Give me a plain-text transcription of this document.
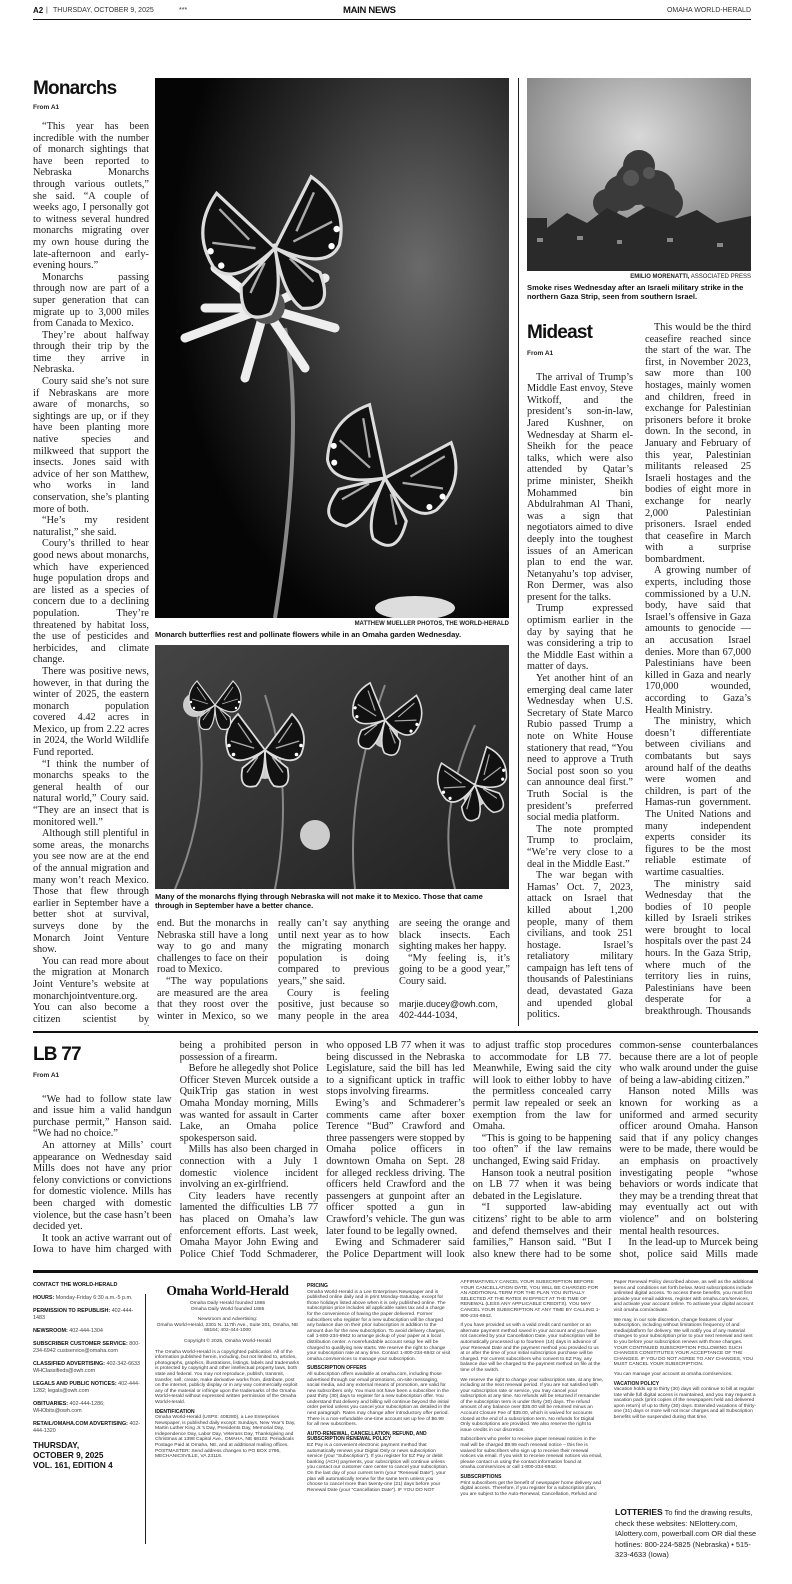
A2 | THURSDAY, OCTOBER 9, 2025	***	MAIN NEWS	OMAHA WORLD-HERALD
Monarchs
From A1

“This year has been incredible with the number of monarch sightings that have been reported to Nebraska Monarchs through various outlets,” she said. “A couple of weeks ago, I personally got to witness several hundred monarchs migrating over my own house during the late-afternoon and early-evening hours.”

Monarchs passing through now are part of a super generation that can migrate up to 3,000 miles from Canada to Mexico.

They’re about halfway through their trip by the time they arrive in Nebraska.

Coury said she’s not sure if Nebraskans are more aware of monarchs, so sightings are up, or if they have been planting more native species and milkweed that support the insects. Jones said with advice of her son Matthew, who works in land conservation, she’s planting more of both.

“He’s my resident naturalist,” she said.

Coury’s thrilled to hear good news about monarchs, which have experienced huge population drops and are listed as a species of concern due to a declining population. They’re threatened by habitat loss, the use of pesticides and herbicides, and climate change.

There was positive news, however, in that during the winter of 2025, the eastern monarch population covered 4.42 acres in Mexico, up from 2.22 acres in 2024, the World Wildlife Fund reported.

“I think the number of monarchs speaks to the general health of our natural world,” Coury said. “They are an insect that is monitored well.”

Although still plentiful in some areas, the monarchs you see now are at the end of the annual migration and many won’t reach Mexico. Those that flew through earlier in September have a better shot at survival, surveys done by the Monarch Joint Venture show.

You can read more about the migration at Monarch Joint Venture’s website at monarchjointventure.org. You can also become a citizen scientist by

MATTHEW MUELLER PHOTOS, THE WORLD-HERALD
Monarch butterflies rest and pollinate flowers while in an Omaha garden Wednesday.
Many of the monarchs flying through Nebraska will not make it to Mexico. Those that came through in September have a better chance.

end. But the monarchs in Nebraska still have a long way to go and many challenges to face on their road to Mexico.

“The way populations are measured are the area that they roost over the winter in Mexico, so we really can’t say anything until next year as to how the migrating monarch population is doing compared to previous years,” she said.

Coury is feeling positive, just because so many people in the area are seeing the orange and black insects. Each sighting makes her happy.

“My feeling is, it’s going to be a good year,” Coury said.

marjie.ducey@owh.com, 402-444-1034,

EMILIO MORENATTI, ASSOCIATED PRESS
Smoke rises Wednesday after an Israeli military strike in the northern Gaza Strip, seen from southern Israel.
Mideast
From A1

The arrival of Trump’s Middle East envoy, Steve Witkoff, and the president’s son-in-law, Jared Kushner, on Wednesday at Sharm el-Sheikh for the peace talks, which were also attended by Qatar’s prime minister, Sheikh Mohammed bin Abdulrahman Al Thani, was a sign that negotiators aimed to dive deeply into the toughest issues of an American plan to end the war. Netanyahu’s top adviser, Ron Dermer, was also present for the talks.

Trump expressed optimism earlier in the day by saying that he was considering a trip to the Middle East within a matter of days.

Yet another hint of an emerging deal came later Wednesday when U.S. Secretary of State Marco Rubio passed Trump a note on White House stationery that read, “You need to approve a Truth Social post soon so you can announce deal first.” Truth Social is the president’s preferred social media platform.

The note prompted Trump to proclaim, “We’re very close to a deal in the Middle East.”

The war began with Hamas’ Oct. 7, 2023, attack on Israel that killed about 1,200 people, many of them civilians, and took 251 hostage. Israel’s retaliatory military campaign has left tens of thousands of Palestinians dead, devastated Gaza and upended global politics.

This would be the third ceasefire reached since the start of the war. The first, in November 2023, saw more than 100 hostages, mainly women and children, freed in exchange for Palestinian prisoners before it broke down. In the second, in January and February of this year, Palestinian militants released 25 Israeli hostages and the bodies of eight more in exchange for nearly 2,000 Palestinian prisoners. Israel ended that ceasefire in March with a surprise bombardment.

A growing number of experts, including those commissioned by a U.N. body, have said that Israel’s offensive in Gaza amounts to genocide — an accusation Israel denies. More than 67,000 Palestinians have been killed in Gaza and nearly 170,000 wounded, according to Gaza’s Health Ministry.

The ministry, which doesn’t differentiate between civilians and combatants but says around half of the deaths were women and children, is part of the Hamas-run government. The United Nations and many independent experts consider its figures to be the most reliable estimate of wartime casualties.

The ministry said Wednesday that the bodies of 10 people killed by Israeli strikes were brought to local hospitals over the past 24 hours. In the Gaza Strip, where much of the territory lies in ruins, Palestinians have been desperate for a breakthrough. Thousands

LB 77
From A1

“We had to follow state law and issue him a valid handgun purchase permit,” Hanson said. “We had no choice.”

An attorney at Mills’ court appearance on Wednesday said Mills does not have any prior felony convictions or convictions for domestic violence. Mills has been charged with domestic violence, but the case hasn’t been decided yet.

It took an active warrant out of Iowa to have him charged with being a prohibited person in possession of a firearm.

Before he allegedly shot Police Officer Steven Murcek outside a QuikTrip gas station in west Omaha Monday morning, Mills was wanted for assault in Carter Lake, an Omaha police spokesperson said.

Mills has also been charged in connection with a July 1 domestic violence incident involving an ex-girlfriend.

City leaders have recently lamented the difficulties LB 77 has placed on Omaha’s law enforcement efforts. Last week, Omaha Mayor John Ewing and Police Chief Todd Schmaderer, who opposed LB 77 when it was being discussed in the Nebraska Legislature, said the bill has led to a significant uptick in traffic stops involving firearms.

Ewing’s and Schmaderer’s comments came after boxer Terence “Bud” Crawford and three passengers were stopped by Omaha police officers in downtown Omaha on Sept. 28 for alleged reckless driving. The officers held Crawford and the passengers at gunpoint after an officer spotted a gun in Crawford’s vehicle. The gun was later found to be legally owned.

Ewing and Schmaderer said the Police Department will look to adjust traffic stop procedures to accommodate for LB 77. Meanwhile, Ewing said the city will look to either lobby to have the permitless concealed carry permit law repealed or seek an exemption from the law for Omaha.

“This is going to be happening too often” if the law remains unchanged, Ewing said Friday.

Hanson took a neutral position on LB 77 when it was being debated in the Legislature.

“I supported law-abiding citizens’ right to be able to arm and defend themselves and their families,” Hanson said. “But I also knew there had to be some common-sense counterbalances because there are a lot of people who walk around under the guise of being a law-abiding citizen.”

Hanson noted Mills was known for working as a uniformed and armed security officer around Omaha. Hanson said that if any policy changes were to be made, there would be an emphasis on proactively investigating people “whose behaviors or words indicate that they may be a trending threat that may eventually act out with violence” and on bolstering mental health resources.

In the lead-up to Murcek being shot, police said Mills made

CONTACT THE WORLD-HERALD
HOURS: Monday-Friday 6:30 a.m.-5 p.m.
PERMISSION TO REPUBLISH: 402-444-1483
NEWSROOM: 402-444-1304
SUBSCRIBER CUSTOMER SERVICE: 800-234-6942 custservice@omaha.com
CLASSIFIED ADVERTISING: 402-342-6633 WHClassifieds@owh.com
LEGALS AND PUBLIC NOTICES: 402-444-1282; legals@owh.com
OBITUARIES: 402-444-1286; WHObits@owh.com
RETAIL/OMAHA.COM ADVERTISING: 402-444-1320
THURSDAY,
OCTOBER 9, 2025
VOL. 161, EDITION 4
Omaha World-Herald
Omaha Daily Herald founded 1865
Omaha Daily World founded 1885
Newsroom and Advertising:
Omaha World-Herald, 2301 N. 117th Ave., Suite 201, Omaha, NE 68164; 402-444-1000
Copyright © 2025, Omaha World-Herald

The Omaha World-Herald is a copyrighted publication. All of the information published herein, including, but not limited to, articles, photographs, graphics, illustrations, listings, labels and trademarks is protected by copyright and other intellectual property laws, both state and federal. You may not reproduce, publish, transmit, transfer, sell, create, make derivative works from, distribute, post on the internet, publicly display or in any way commercially exploit any of the material or infringe upon the trademarks of the Omaha World-Herald without expressed written permission of the Omaha World-Herald.

IDENTIFICATION

Omaha World-Herald (USPS: 408280), a Lee Enterprises Newspaper, is published daily except: Sundays, New Year’s Day, Martin Luther King Jr.’s Day, Presidents Day, Memorial Day, Independence Day, Labor Day, Veterans Day, Thanksgiving and Christmas at 1398 Capitol Ave., OMAHA, NE 68102. Periodicals Postage Paid at Omaha, NE, and at additional mailing offices. POSTMASTER: Send address changes to PO BOX 2795, MECHANICSVILLE, VA 23116.

PRICING

Omaha World-Herald is a Lee Enterprises Newspaper and is published online daily and in print Monday-Saturday, except for those holidays listed above when it is only published online. The subscription price includes all applicable sales tax and a charge for the convenience of having the paper delivered. Former subscribers who register for a new subscription will be charged any balance due on their prior subscription in addition to the amount due for the new subscription. To avoid delivery charges, call 1-800-234-6942 to arrange pickup of your paper at a local distribution center. A nonrefundable account setup fee will be charged to qualifying new starts. We reserve the right to change your subscription rate at any time. Contact 1-800-234-6942 or visit omaha.com/services to manage your subscription.

SUBSCRIPTION OFFERS

All subscription offers available at omaha.com, including those advertised through our email promotions, on-site messaging, social media, and any external means of promotion, are valid for new subscribers only. You must not have been a subscriber in the past thirty (30) days to register for a new subscription offer. You understand that delivery and billing will continue beyond the initial order period unless you cancel your subscription as detailed in the next paragraph. Rates may change after introductory offer period. There is a non-refundable one-time account set up fee of $6.99 for all new subscribers.

AUTO-RENEWAL, CANCELLATION, REFUND, AND SUBSCRIPTION RENEWAL POLICY

EZ Pay is a convenient electronic payment method that automatically renews your Digital Only or news subscription service (your “Subscription”). If you register for EZ Pay or debit banking (ACH) payments, your subscription will continue unless you contact our customer care center to cancel your subscription. On the last day of your current term (your “Renewal Date”), your plan will automatically renew for the same term unless you choose to cancel more than twenty-one (21) days before your Renewal Date (your “Cancellation Date”). IF YOU DO NOT AFFIRMATIVELY CANCEL YOUR SUBSCRIPTION BEFORE YOUR CANCELLATION DATE, YOU WILL BE CHARGED FOR AN ADDITIONAL TERM FOR THE PLAN YOU INITIALLY SELECTED AT THE RATES IN EFFECT AT THE TIME OF RENEWAL (LESS ANY APPLICABLE CREDITS). YOU MAY CANCEL YOUR SUBSCRIPTION AT ANY TIME BY CALLING 1-800-234-6942.

If you have provided us with a valid credit card number or an alternate payment method saved in your account and you have not canceled by your Cancellation Date, your subscription will be automatically processed up to fourteen (14) days in advance of your Renewal Date and the payment method you provided to us at or after the time of your initial subscription purchase will be charged. For current subscribers who convert to EZ Pay, any balance due will be charged to the payment method on file at the time of the switch.

We reserve the right to change your subscription rate, at any time, including at the next renewal period. If you are not satisfied with your subscription rate or service, you may cancel your subscription at any time. No refunds will be returned if remainder of the subscription term is under thirty (30) days. The refund amount of any balance over $35.00 will be returned minus an Account Closure Fee of $35.00, which is waived for accounts closed at the end of a subscription term. No refunds for Digital Only subscriptions are provided. We also reserve the right to issue credits in our discretion.

Subscribers who prefer to receive paper renewal notices in the mail will be charged $9.99 each renewal notice – this fee is waived for subscribers who sign up to receive their renewal notices via email. If you wish to receive renewal notices via email, please contact us using the contact information found at omaha.com/services or call 1-800-234-6942.

SUBSCRIPTIONS

Print subscribers get the benefit of newspaper home delivery and digital access. Therefore, if you register for a subscription plan, you are subject to the Auto-Renewal, Cancellation, Refund and Paper Renewal Policy described above, as well as the additional terms and conditions set forth below. Most subscriptions include unlimited digital access. To access these benefits, you must first provide your email address, register with omaha.com/services, and activate your account online. To activate your digital account visit omaha.com/activate.

We may, in our sole discretion, change features of your subscription, including without limitations frequency of and media/platform for delivery. We will notify you of any material changes to your subscription prior to your next renewal and sent to you before your subscription renews with those changes. YOUR CONTINUED SUBSCRIPTION FOLLOWING SUCH CHANGES CONSTITUTES YOUR ACCEPTANCE OF THE CHANGES. IF YOU DO NOT AGREE TO ANY CHANGES, YOU MUST CANCEL YOUR SUBSCRIPTION.

You can manage your account at omaha.com/services.

VACATION POLICY

Vacation holds up to thirty (30) days will continue to bill at regular rate while full digital access is maintained, and you may request a vacation pack (print copies of the newspapers held and delivered upon return) of up to thirty (30) days. Extended vacations of thirty-one (31) days or more will not incur charges and all Subscription benefits will be suspended during that time.

LOTTERIES To find the drawing results, check these websites: NElottery.com, IAlottery.com, powerball.com OR dial these hotlines: 800-224-5825 (Nebraska) • 515-323-4633 (Iowa)
